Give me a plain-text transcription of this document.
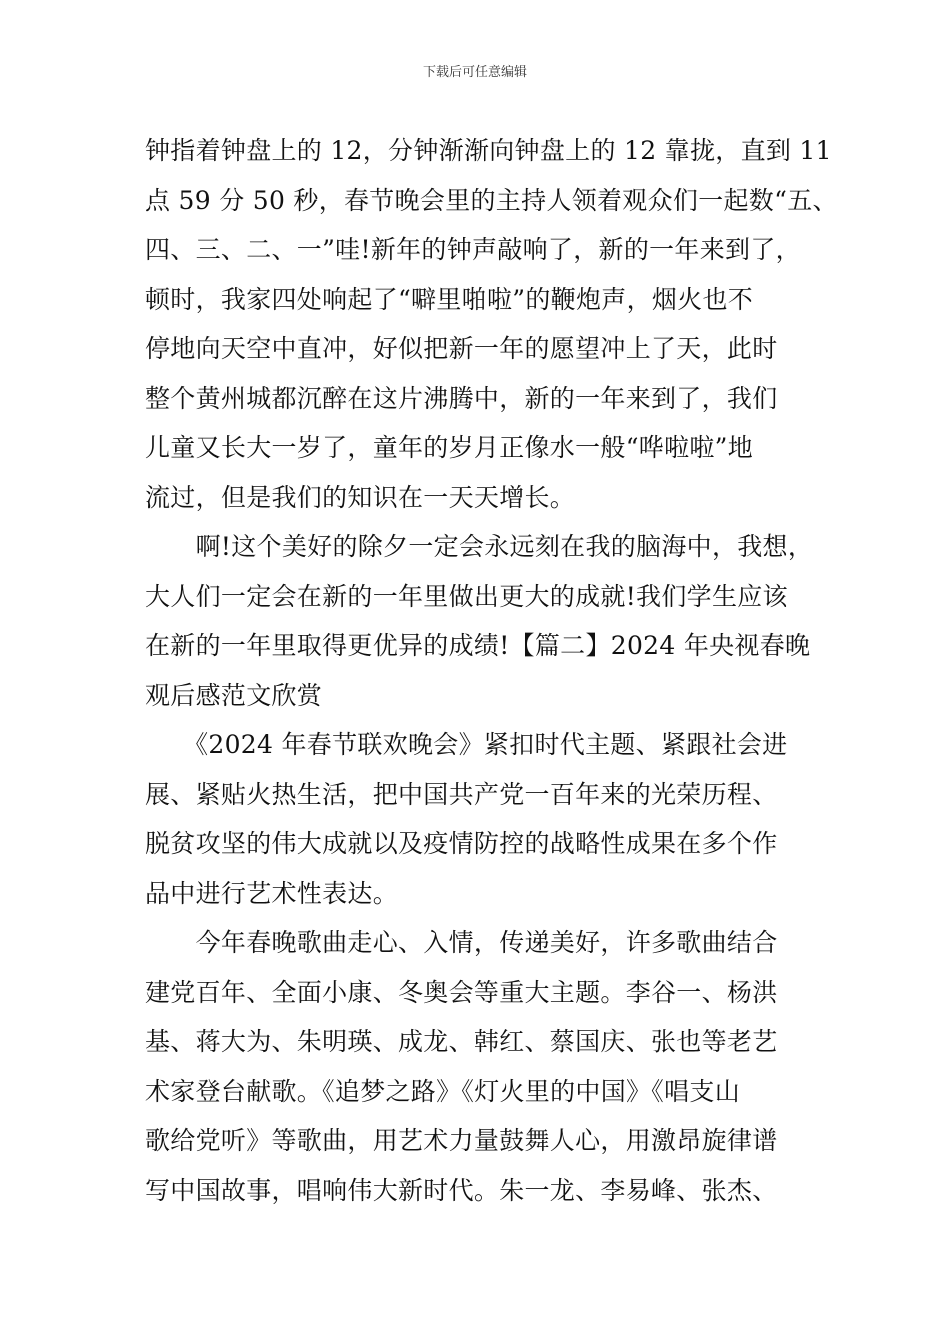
下载后可任意编辑
钟指着钟盘上的 12，分钟渐渐向钟盘上的 12 靠拢，直到 11
点 59 分 50 秒，春节晚会里的主持人领着观众们一起数“五、
四、三、二、一”哇!新年的钟声敲响了，新的一年来到了，
顿时，我家四处响起了“噼里啪啦”的鞭炮声，烟火也不
停地向天空中直冲，好似把新一年的愿望冲上了天，此时
整个黄州城都沉醉在这片沸腾中，新的一年来到了，我们
儿童又长大一岁了，童年的岁月正像水一般“哗啦啦”地
流过，但是我们的知识在一天天增长。
　　啊!这个美好的除夕一定会永远刻在我的脑海中，我想，
大人们一定会在新的一年里做出更大的成就!我们学生应该
在新的一年里取得更优异的成绩!【篇二】2024 年央视春晚
观后感范文欣赏
　　《2024 年春节联欢晚会》紧扣时代主题、紧跟社会进
展、紧贴火热生活，把中国共产党一百年来的光荣历程、
脱贫攻坚的伟大成就以及疫情防控的战略性成果在多个作
品中进行艺术性表达。
　　今年春晚歌曲走心、入情，传递美好，许多歌曲结合
建党百年、全面小康、冬奥会等重大主题。李谷一、杨洪
基、蒋大为、朱明瑛、成龙、韩红、蔡国庆、张也等老艺
术家登台献歌。《追梦之路》《灯火里的中国》《唱支山
歌给党听》等歌曲，用艺术力量鼓舞人心，用激昂旋律谱
写中国故事，唱响伟大新时代。朱一龙、李易峰、张杰、
